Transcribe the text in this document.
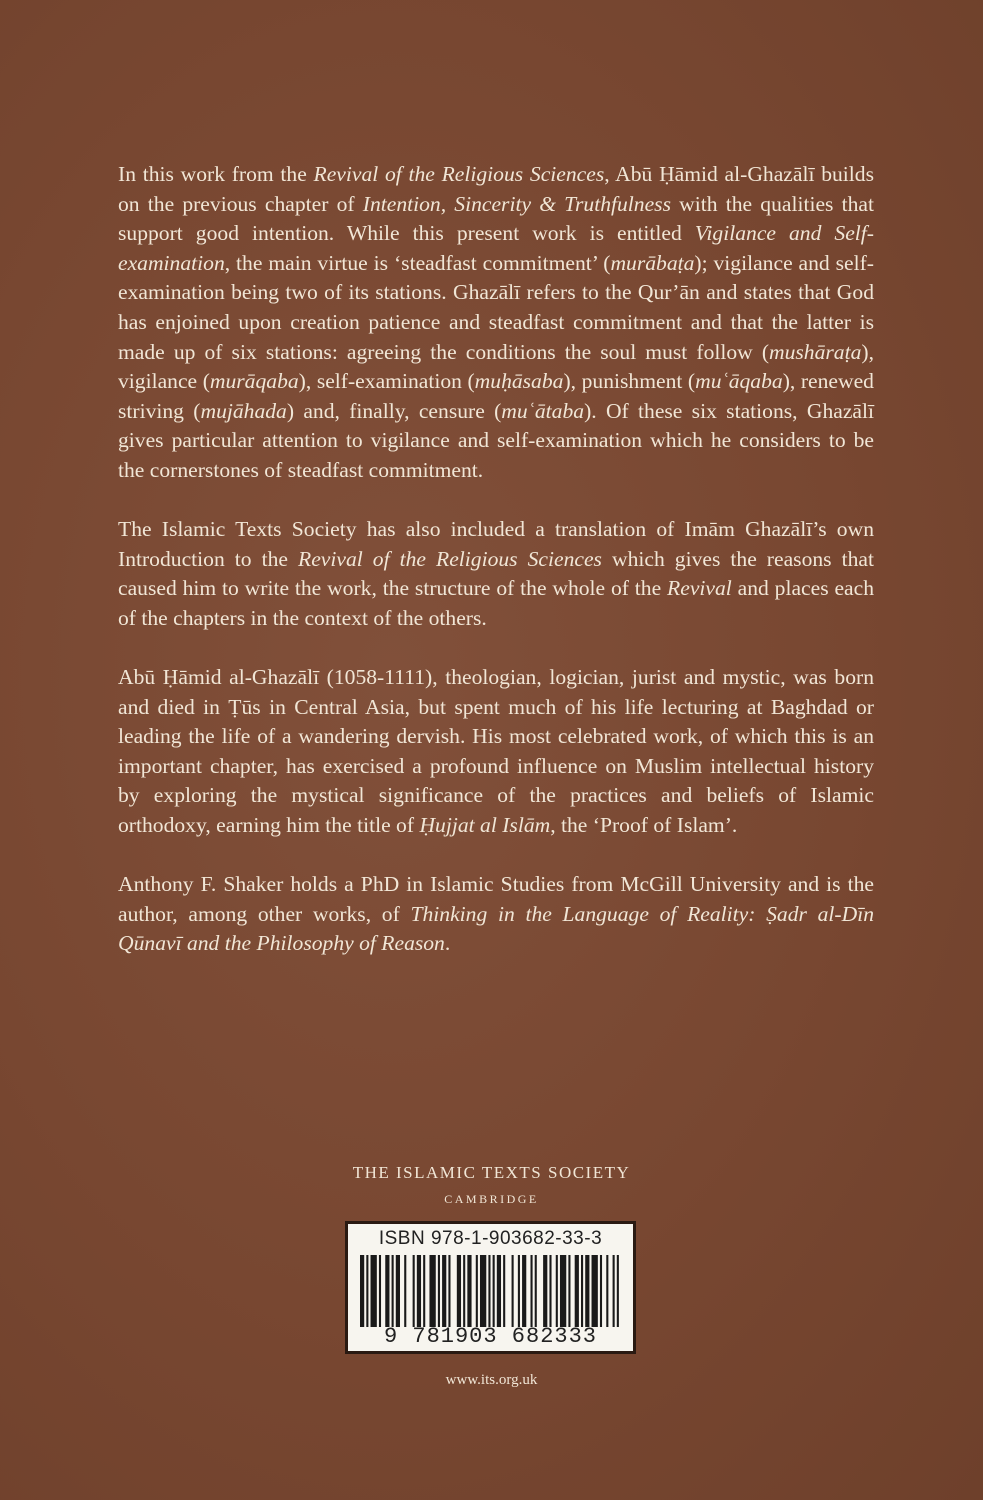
In this work from the Revival of the Religious Sciences, Abū Ḥāmid al-Ghazālī builds on the previous chapter of Intention, Sincerity & Truthfulness with the qualities that support good intention. While this present work is entitled Vigilance and Self-examination, the main virtue is ‘steadfast commitment’ (murābaṭa); vigilance and self-examination being two of its stations. Ghazālī refers to the Qur’ān and states that God has enjoined upon creation patience and steadfast commitment and that the latter is made up of six stations: agreeing the conditions the soul must follow (mushāraṭa), vigilance (murāqaba), self-examination (muḥāsaba), punishment (muʿāqaba), renewed striving (mujāhada) and, finally, censure (muʿātaba). Of these six stations, Ghazālī gives particular attention to vigilance and self-examination which he considers to be the cornerstones of steadfast commitment.

The Islamic Texts Society has also included a translation of Imām Ghazālī’s own Introduction to the Revival of the Religious Sciences which gives the reasons that caused him to write the work, the structure of the whole of the Revival and places each of the chapters in the context of the others.

Abū Ḥāmid al-Ghazālī (1058-1111), theologian, logician, jurist and mystic, was born and died in Ṭūs in Central Asia, but spent much of his life lecturing at Baghdad or leading the life of a wandering dervish. His most celebrated work, of which this is an important chapter, has exercised a profound influence on Muslim intellectual history by exploring the mystical significance of the practices and beliefs of Islamic orthodoxy, earning him the title of Ḥujjat al Islām, the ‘Proof of Islam’.

Anthony F. Shaker holds a PhD in Islamic Studies from McGill University and is the author, among other works, of Thinking in the Language of Reality: Ṣadr al-Dīn Qūnavī and the Philosophy of Reason.

THE ISLAMIC TEXTS SOCIETY
CAMBRIDGE
ISBN 978-1-903682-33-3
9 781903 682333
www.its.org.uk
